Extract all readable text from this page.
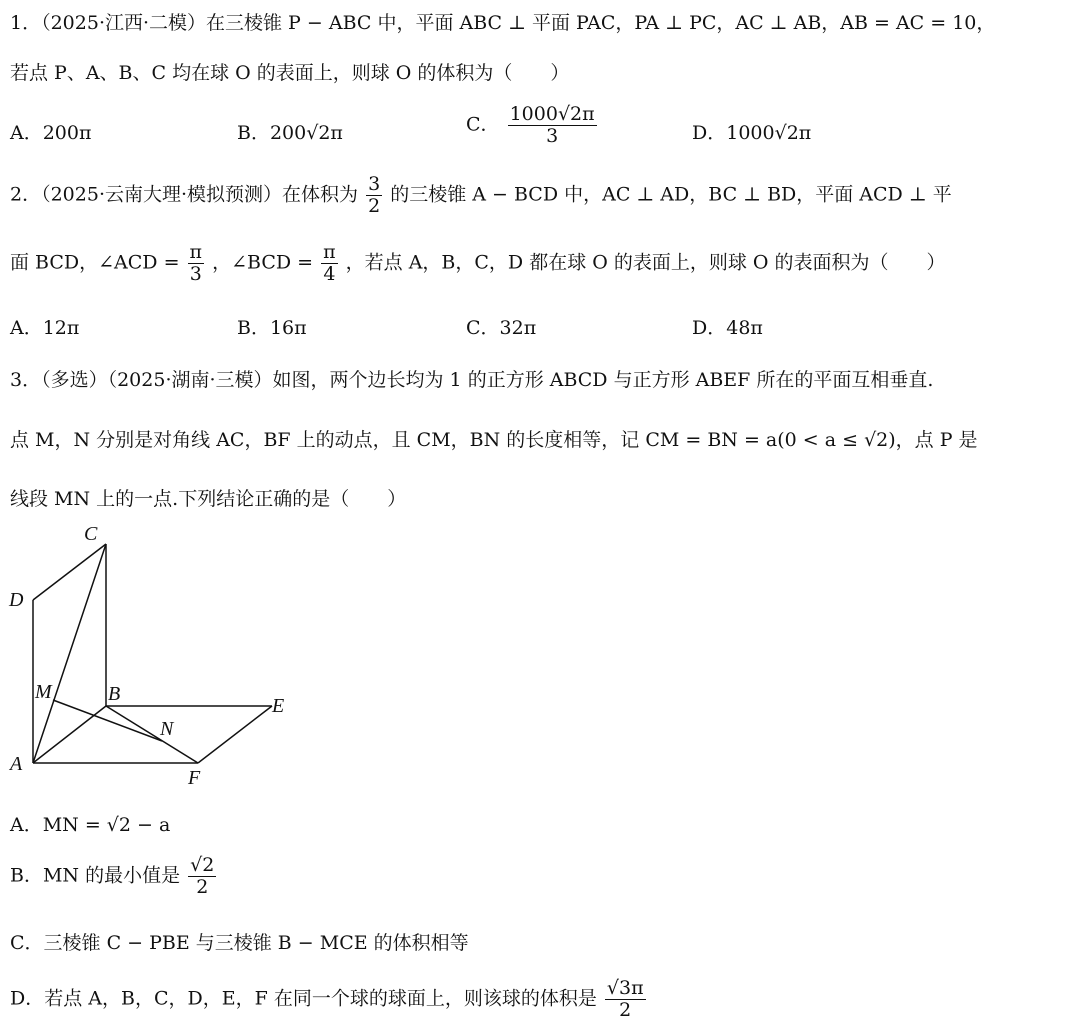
1．（2025·江西·二模）在三棱锥 P − ABC 中，平面 ABC ⊥ 平面 PAC，PA ⊥ PC，AC ⊥ AB，AB = AC = 10，
若点 P、A、B、C 均在球 O 的表面上，则球 O 的体积为（　　）
A．200π	B．200√2π	C． $\frac{1000√2\pi}{3}$	D．1000√2π
2．（2025·云南大理·模拟预测）在体积为 $\frac{3}{2}$ 的三棱锥 A − BCD 中，AC ⊥ AD，BC ⊥ BD，平面 ACD ⊥ 平
面 BCD，∠ACD = $\frac{\pi}{3}$ ，∠BCD = $\frac{\pi}{4}$ ，若点 A，B，C，D 都在球 O 的表面上，则球 O 的表面积为（　　）
A．12π	B．16π	C．32π	D．48π
3．（多选）（2025·湖南·三模）如图，两个边长均为 1 的正方形 ABCD 与正方形 ABEF 所在的平面互相垂直.
点 M，N 分别是对角线 AC，BF 上的动点，且 CM，BN 的长度相等，记 CM = BN = a(0 < a ≤ √2)，点 P 是
线段 MN 上的一点.下列结论正确的是（　　）
C
D
M	B
E
N
A
F
A．MN = √2 − a
B．MN 的最小值是 $\frac{√2}{2}$
C．三棱锥 C − PBE 与三棱锥 B − MCE 的体积相等
D．若点 A，B，C，D，E，F 在同一个球的球面上，则该球的体积是 $\frac{√3\pi}{2}$
